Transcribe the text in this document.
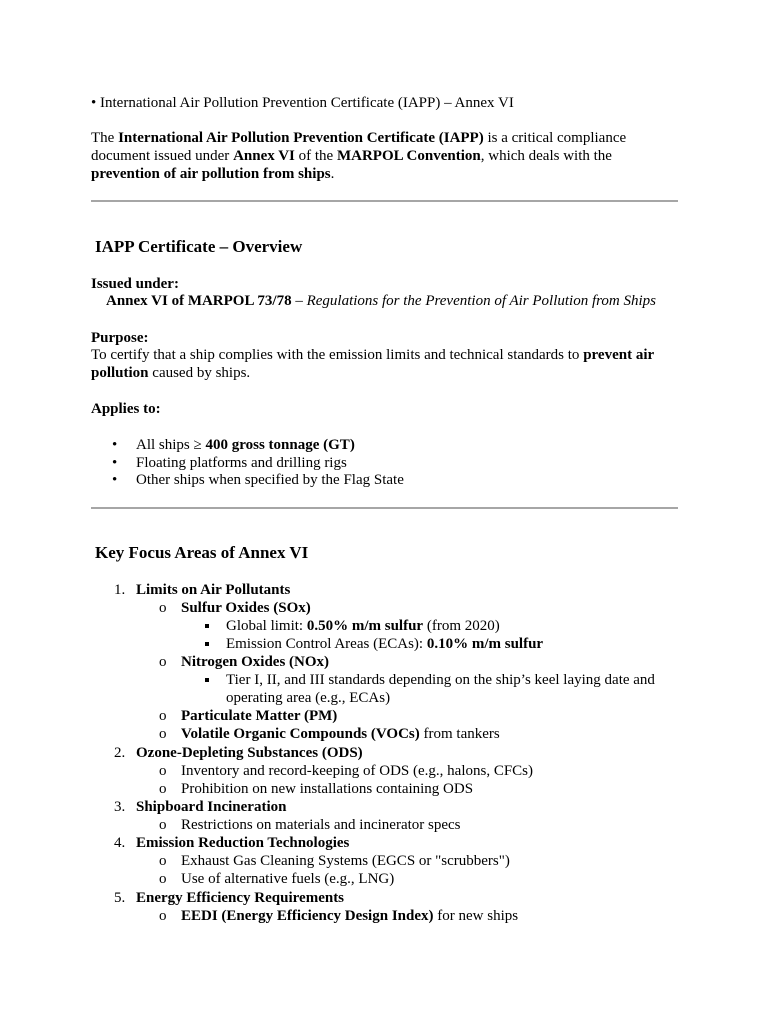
• International Air Pollution Prevention Certificate (IAPP) – Annex VI

The International Air Pollution Prevention Certificate (IAPP) is a critical compliance document issued under Annex VI of the MARPOL Convention, which deals with the prevention of air pollution from ships.

IAPP Certificate – Overview

Issued under:

Annex VI of MARPOL 73/78 – Regulations for the Prevention of Air Pollution from Ships

Purpose:

To certify that a ship complies with the emission limits and technical standards to prevent air pollution caused by ships.

Applies to:

• All ships ≥ 400 gross tonnage (GT)

• Floating platforms and drilling rigs

• Other ships when specified by the Flag State

Key Focus Areas of Annex VI
1. Limits on Air Pollutants

o Sulfur Oxides (SOx)

Global limit: 0.50% m/m sulfur (from 2020)

Emission Control Areas (ECAs): 0.10% m/m sulfur

o Nitrogen Oxides (NOx)

Tier I, II, and III standards depending on the ship’s keel laying date and

operating area (e.g., ECAs)

o Particulate Matter (PM)

o Volatile Organic Compounds (VOCs) from tankers

2. Ozone-Depleting Substances (ODS)

o Inventory and record-keeping of ODS (e.g., halons, CFCs)

o Prohibition on new installations containing ODS

3. Shipboard Incineration

o Restrictions on materials and incinerator specs

4. Emission Reduction Technologies

o Exhaust Gas Cleaning Systems (EGCS or "scrubbers")

o Use of alternative fuels (e.g., LNG)

5. Energy Efficiency Requirements

o EEDI (Energy Efficiency Design Index) for new ships
